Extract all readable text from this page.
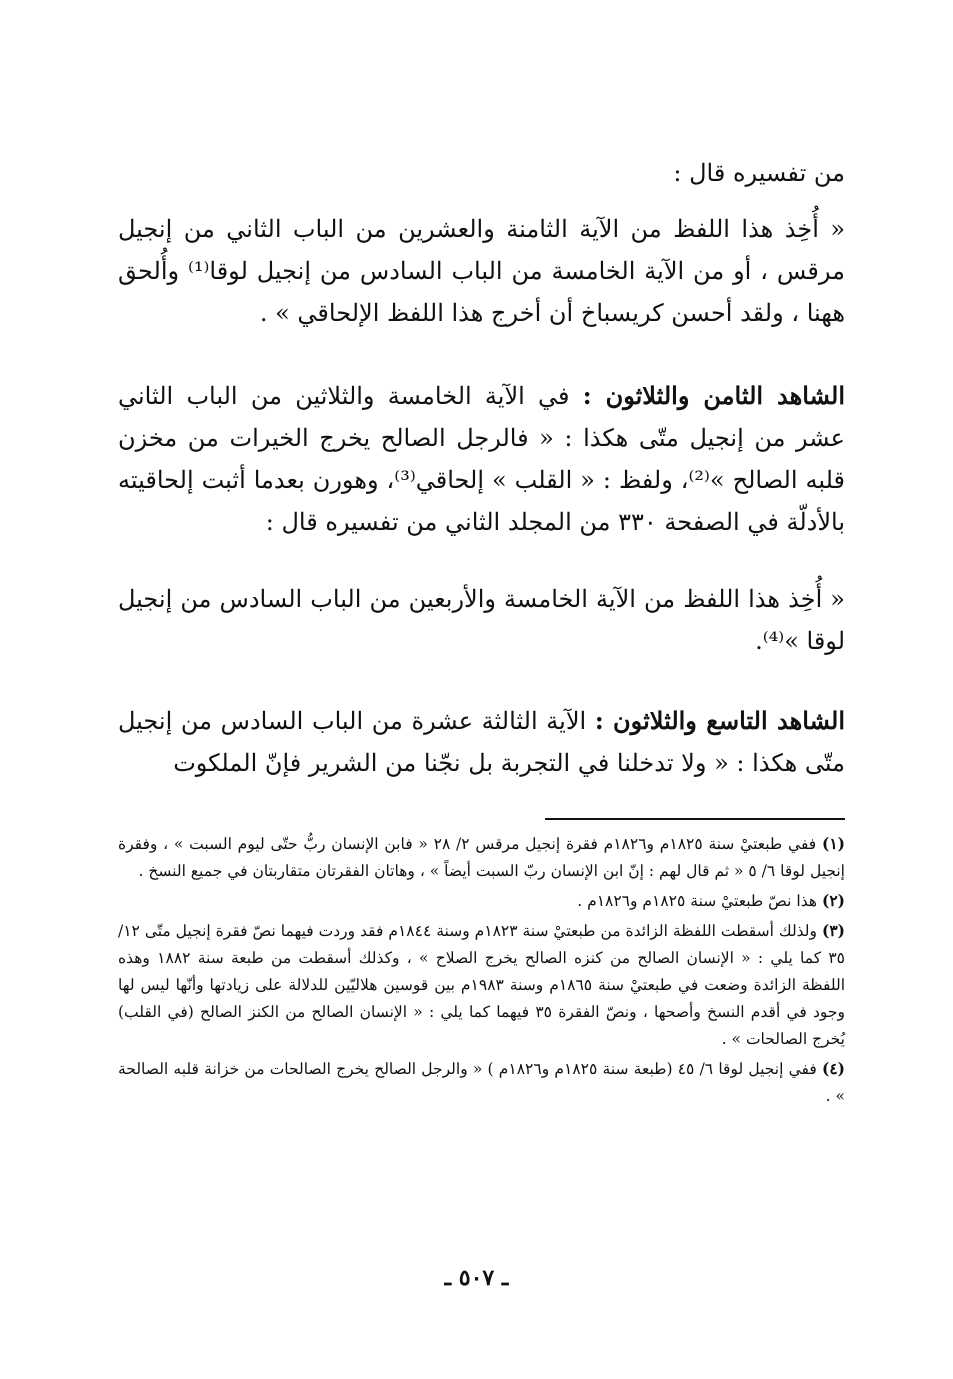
من تفسيره قال :

« أُخِذ هذا اللفظ من الآية الثامنة والعشرين من الباب الثاني من إنجيل مرقس ، أو من الآية الخامسة من الباب السادس من إنجيل لوقا⁽¹⁾ وأُلحق ههنا ، ولقد أحسن كريسباخ أن أخرج هذا اللفظ الإلحاقي » .

الشاهد الثامن والثلاثون : في الآية الخامسة والثلاثين من الباب الثاني عشر من إنجيل متّى هكذا : « فالرجل الصالح يخرج الخيرات من مخزن قلبه الصالح »⁽²⁾، ولفظ : « القلب » إلحاقي⁽³⁾، وهورن بعدما أثبت إلحاقيته بالأدلّة في الصفحة ٣٣٠ من المجلد الثاني من تفسيره قال :

« أُخِذ هذا اللفظ من الآية الخامسة والأربعين من الباب السادس من إنجيل لوقا »⁽⁴⁾.

الشاهد التاسع والثلاثون : الآية الثالثة عشرة من الباب السادس من إنجيل متّى هكذا : « ولا تدخلنا في التجربة بل نجّنا من الشرير فإنّ الملكوت

(١) ففي طبعتيْ سنة ١٨٢٥م و١٨٢٦م فقرة إنجيل مرقس ٢/ ٢٨ « فابن الإنسان ربُّ حتّى ليوم السبت » ، وفقرة إنجيل لوقا ٦/ ٥ « ثم قال لهم : إنّ ابن الإنسان ربّ السبت أيضاً » ، وهاتان الفقرتان متقاربتان في جميع النسخ .

(٢) هذا نصّ طبعتيْ سنة ١٨٢٥م و١٨٢٦م .

(٣) ولذلك أسقطت اللفظة الزائدة من طبعتيْ سنة ١٨٢٣م وسنة ١٨٤٤م فقد وردت فيهما نصّ فقرة إنجيل متّى ١٢/ ٣٥ كما يلي : « الإنسان الصالح من كنزه الصالح يخرج الصلاح » ، وكذلك أسقطت من طبعة سنة ١٨٨٢ وهذه اللفظة الزائدة وضعت في طبعتيْ سنة ١٨٦٥م وسنة ١٩٨٣م بين قوسين هلاليّين للدلالة على زيادتها وأنّها ليس لها وجود في أقدم النسخ وأصحها ، ونصّ الفقرة ٣٥ فيهما كما يلي : « الإنسان الصالح من الكنز الصالح (في القلب) يُخرج الصالحات » .

(٤) ففي إنجيل لوقا ٦/ ٤٥ (طبعة سنة ١٨٢٥م و١٨٢٦م ) « والرجل الصالح يخرج الصالحات من خزانة قلبه الصالحة » .

ـ ٥٠٧ ـ
